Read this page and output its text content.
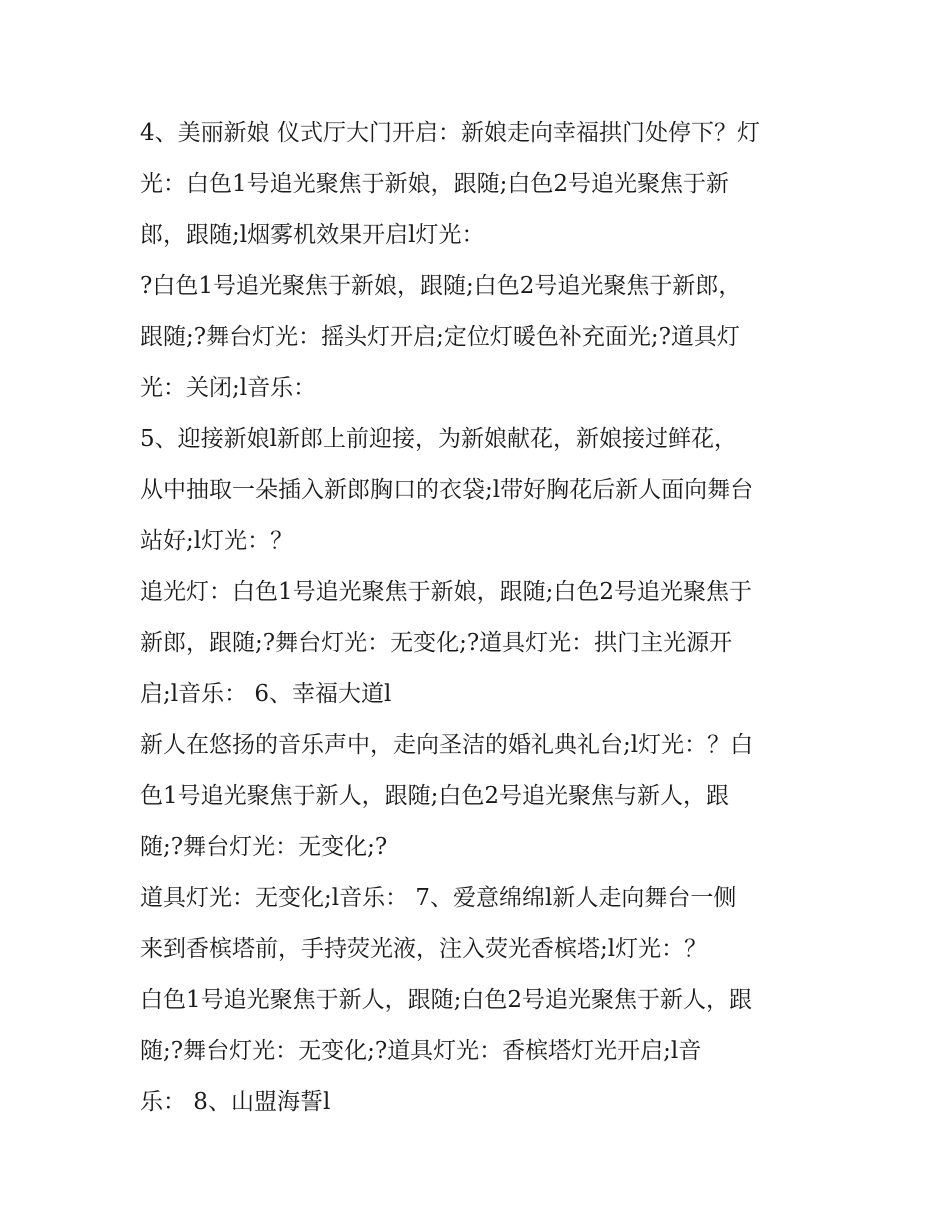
4、美丽新娘 仪式厅大门开启：新娘走向幸福拱门处停下？灯
光：白色1号追光聚焦于新娘，跟随;白色2号追光聚焦于新
郎，跟随;l烟雾机效果开启l灯光：
?白色1号追光聚焦于新娘，跟随;白色2号追光聚焦于新郎，
跟随;?舞台灯光：摇头灯开启;定位灯暖色补充面光;?道具灯
光：关闭;l音乐：
5、迎接新娘l新郎上前迎接，为新娘献花，新娘接过鲜花，
从中抽取一朵插入新郎胸口的衣袋;l带好胸花后新人面向舞台
站好;l灯光：？
追光灯：白色1号追光聚焦于新娘，跟随;白色2号追光聚焦于
新郎，跟随;?舞台灯光：无变化;?道具灯光：拱门主光源开
启;l音乐： 6、幸福大道l
新人在悠扬的音乐声中，走向圣洁的婚礼典礼台;l灯光：？白
色1号追光聚焦于新人，跟随;白色2号追光聚焦与新人，跟
随;?舞台灯光：无变化;?
道具灯光：无变化;l音乐： 7、爱意绵绵l新人走向舞台一侧
来到香槟塔前，手持荧光液，注入荧光香槟塔;l灯光：？
白色1号追光聚焦于新人，跟随;白色2号追光聚焦于新人，跟
随;?舞台灯光：无变化;?道具灯光：香槟塔灯光开启;l音
乐： 8、山盟海誓l
